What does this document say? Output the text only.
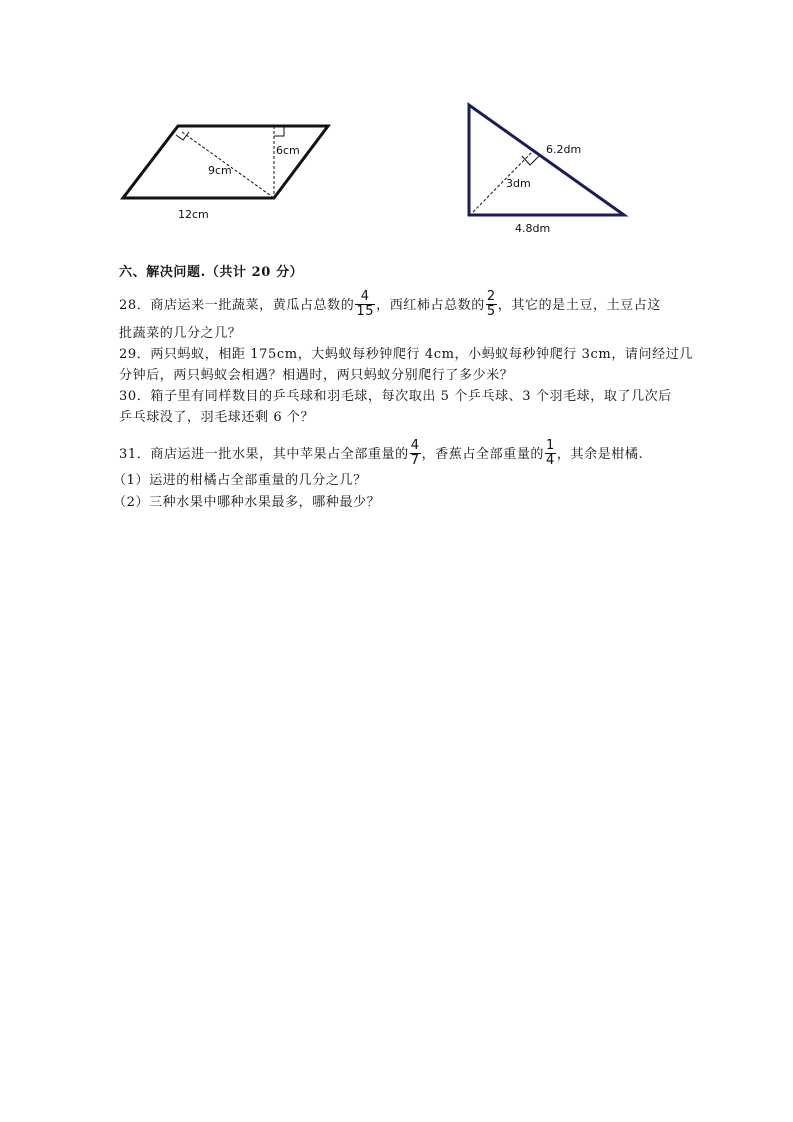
6cm
9cm
12cm
6.2dm
3dm
4.8dm
六、解决问题.（共计 20 分）
28．商店运来一批蔬菜，黄瓜占总数的 $\frac{4}{15}$ ，西红柿占总数的 $\frac{2}{5}$ ，其它的是土豆，土豆占这
批蔬菜的几分之几？
29．两只蚂蚁，相距 175cm，大蚂蚁每秒钟爬行 4cm，小蚂蚁每秒钟爬行 3cm，请问经过几
分钟后，两只蚂蚁会相遇？相遇时，两只蚂蚁分别爬行了多少米？
30．箱子里有同样数目的乒乓球和羽毛球，每次取出 5 个乒乓球、3 个羽毛球，取了几次后
乒乓球没了，羽毛球还剩 6 个？
31．商店运进一批水果，其中苹果占全部重量的 $\frac{4}{7}$ ，香蕉占全部重量的 $\frac{1}{4}$ ，其余是柑橘.
（1）运进的柑橘占全部重量的几分之几？
（2）三种水果中哪种水果最多，哪种最少？
